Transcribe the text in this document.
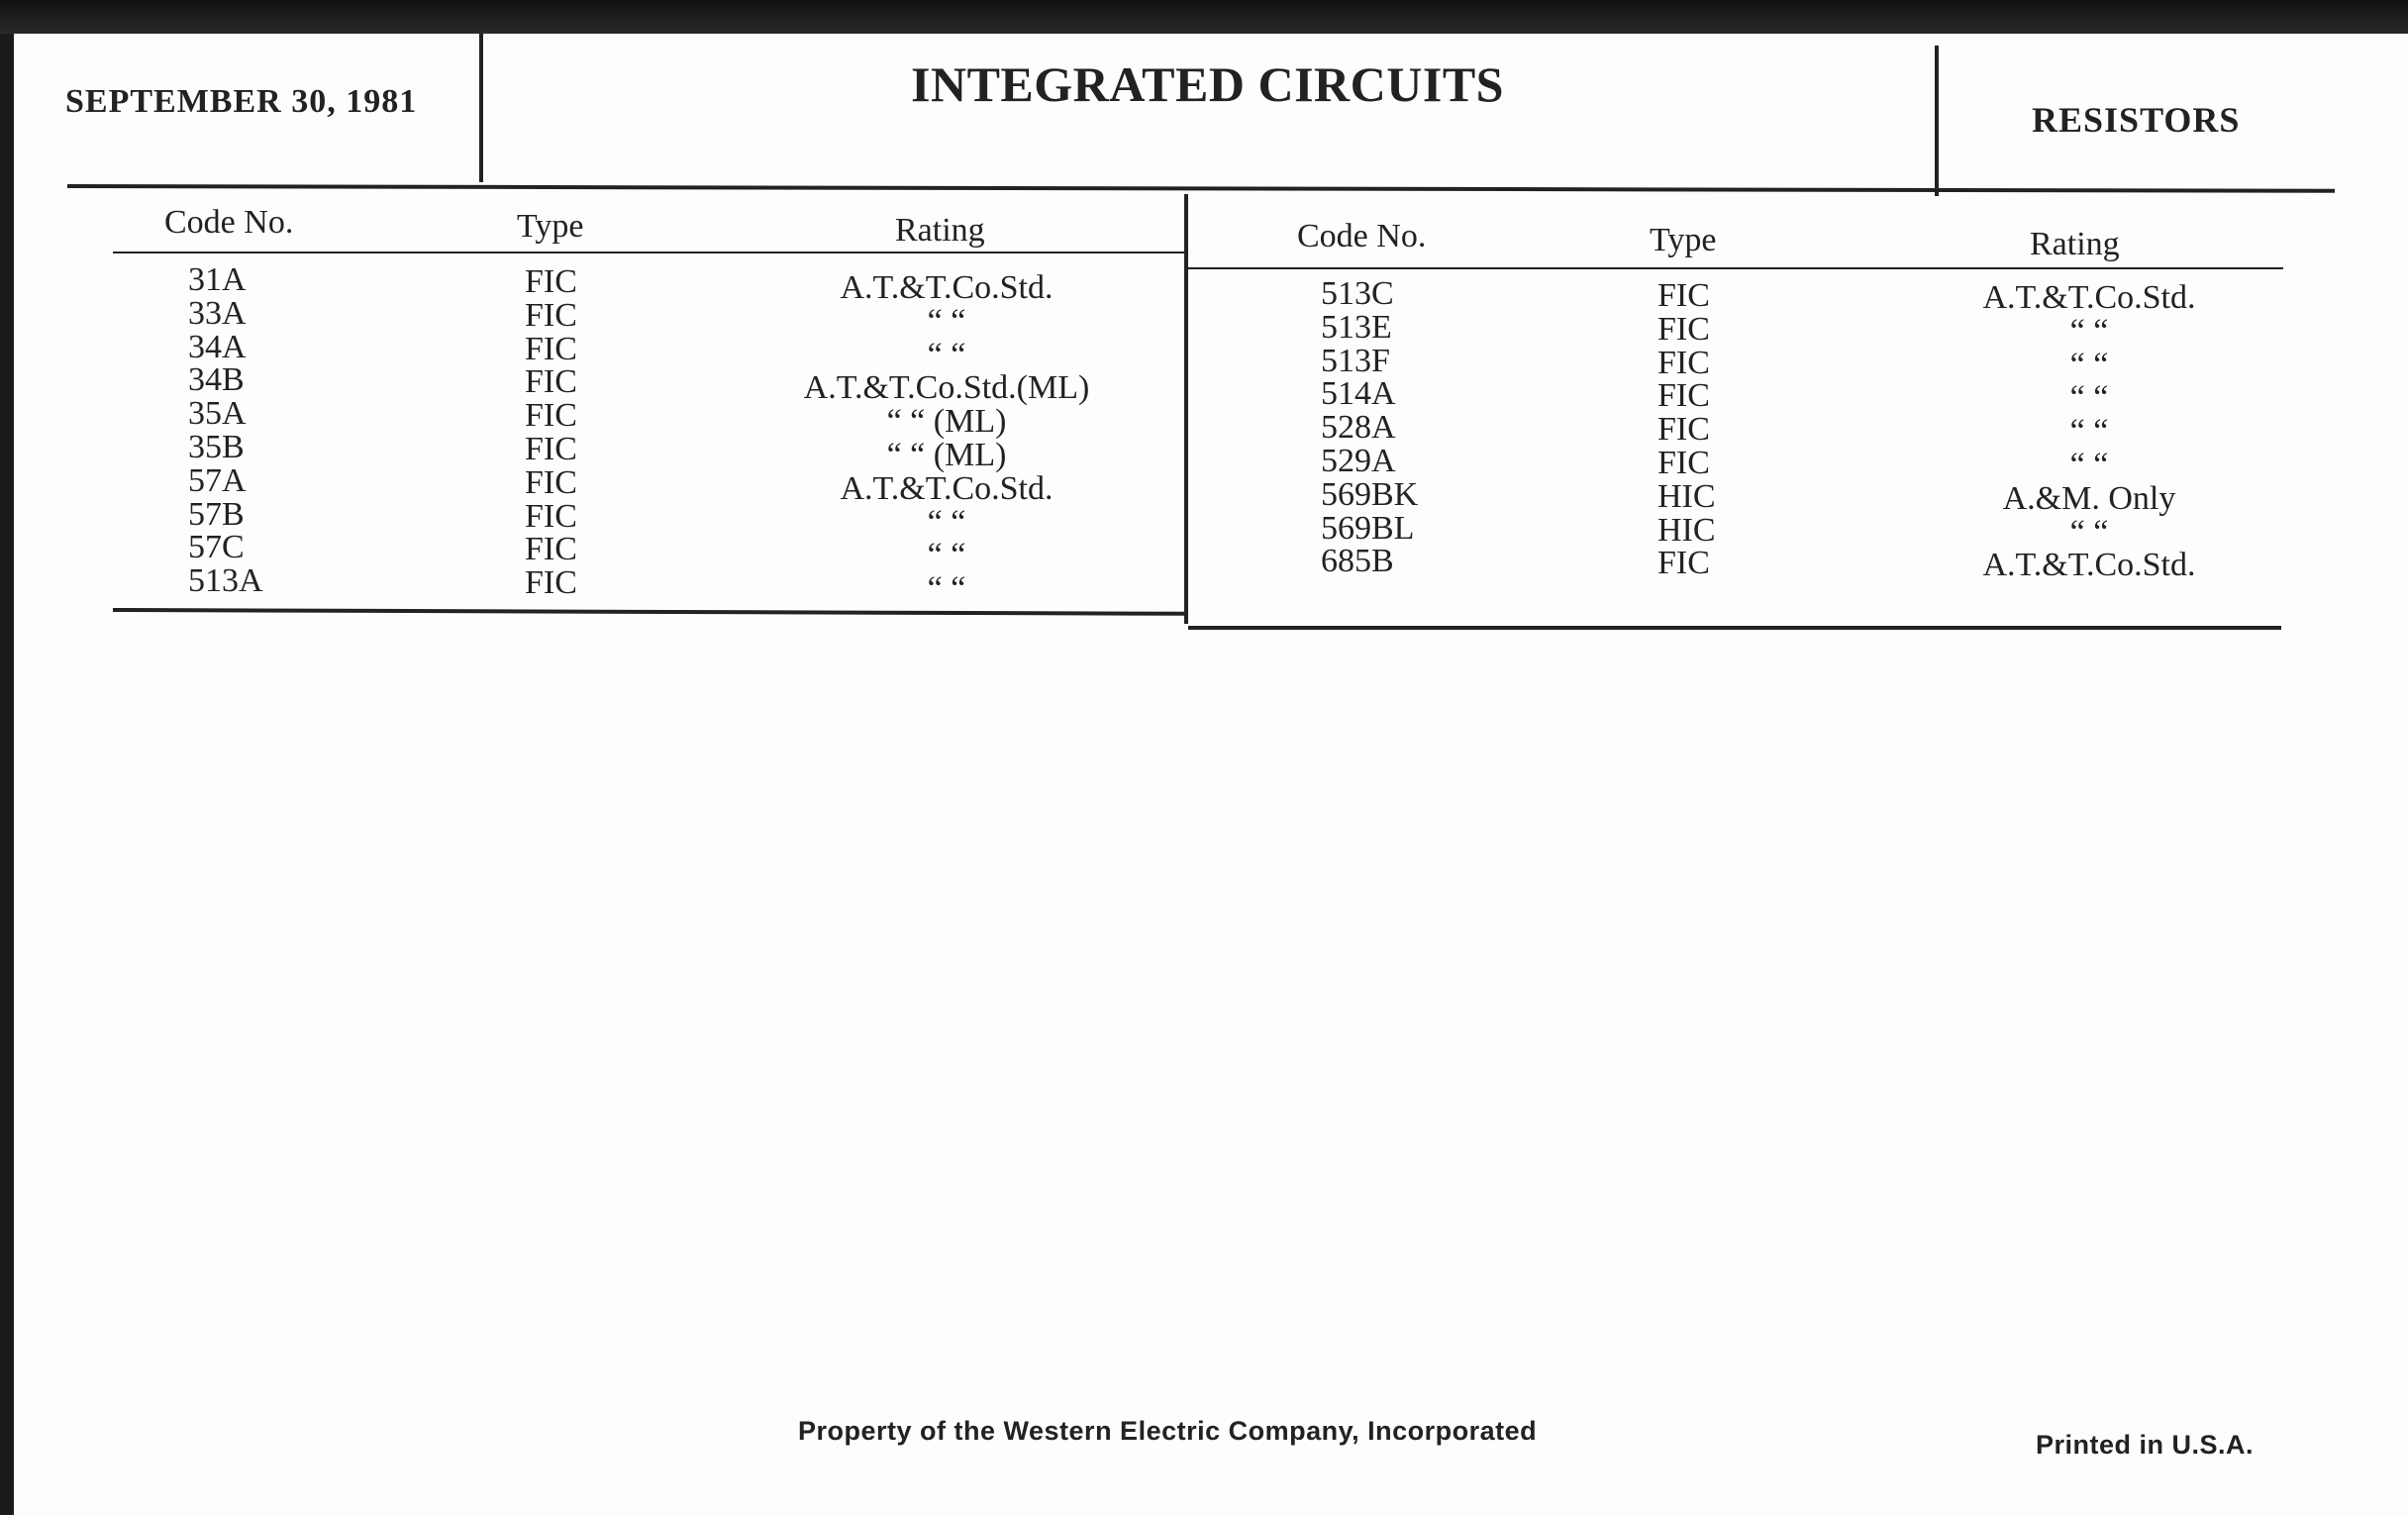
SEPTEMBER 30, 1981	INTEGRATED CIRCUITS
RESISTORS
Code No.	Type	Rating
31A	FIC	A.T.&T.Co.Std.
33A	FIC	“ “
34A	FIC	“ “
34B	FIC	A.T.&T.Co.Std.(ML)
35A	FIC	“ “ (ML)
35B	FIC	“ “ (ML)
57A	FIC	A.T.&T.Co.Std.
57B	FIC	“ “
57C	FIC	“ “
513A	FIC	“ “
Code No.	Type	Rating
513C	FIC	A.T.&T.Co.Std.
513E	FIC	“ “
513F	FIC	“ “
514A	FIC	“ “
528A	FIC	“ “
529A	FIC	“ “
569BK	HIC	A.&M. Only
569BL	HIC	“ “
685B	FIC	A.T.&T.Co.Std.
Property of the Western Electric Company, Incorporated	Printed in U.S.A.
